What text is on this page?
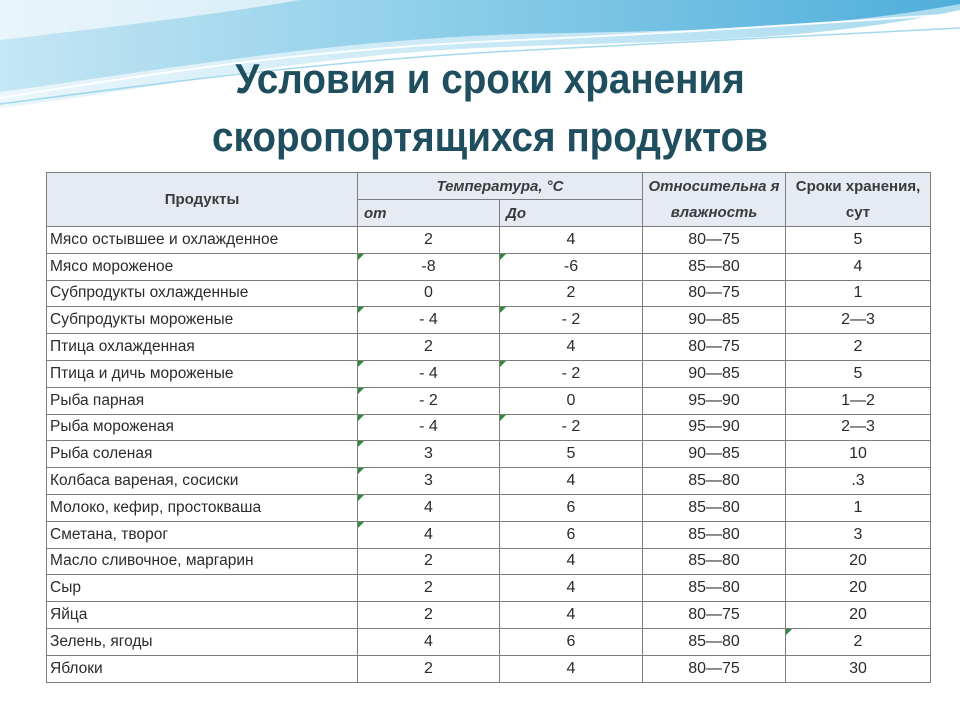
Условия и сроки хранения
скоропортящихся продуктов
Продукты	Температура, °С		Относительна я влажность	Сроки хранения, сут
	от	До		
Мясо остывшее и охлажденное	2	4	80—75	5
Мясо мороженое	-8	-6	85—80	4
Субпродукты охлажденные	0	2	80—75	1
Субпродукты мороженые	- 4	- 2	90—85	2—3
Птица охлажденная	2	4	80—75	2
Птица и дичь мороженые	- 4	- 2	90—85	5
Рыба парная	- 2	0	95—90	1—2
Рыба мороженая	- 4	- 2	95—90	2—3
Рыба соленая	3	5	90—85	10
Колбаса вареная, сосиски	3	4	85—80	.3
Молоко, кефир, простокваша	4	6	85—80	1
Сметана, творог	4	6	85—80	3
Масло сливочное, маргарин	2	4	85—80	20
Сыр	2	4	85—80	20
Яйца	2	4	80—75	20
Зелень, ягоды	4	6	85—80	2

Яблоки	2	4	80—75	30
